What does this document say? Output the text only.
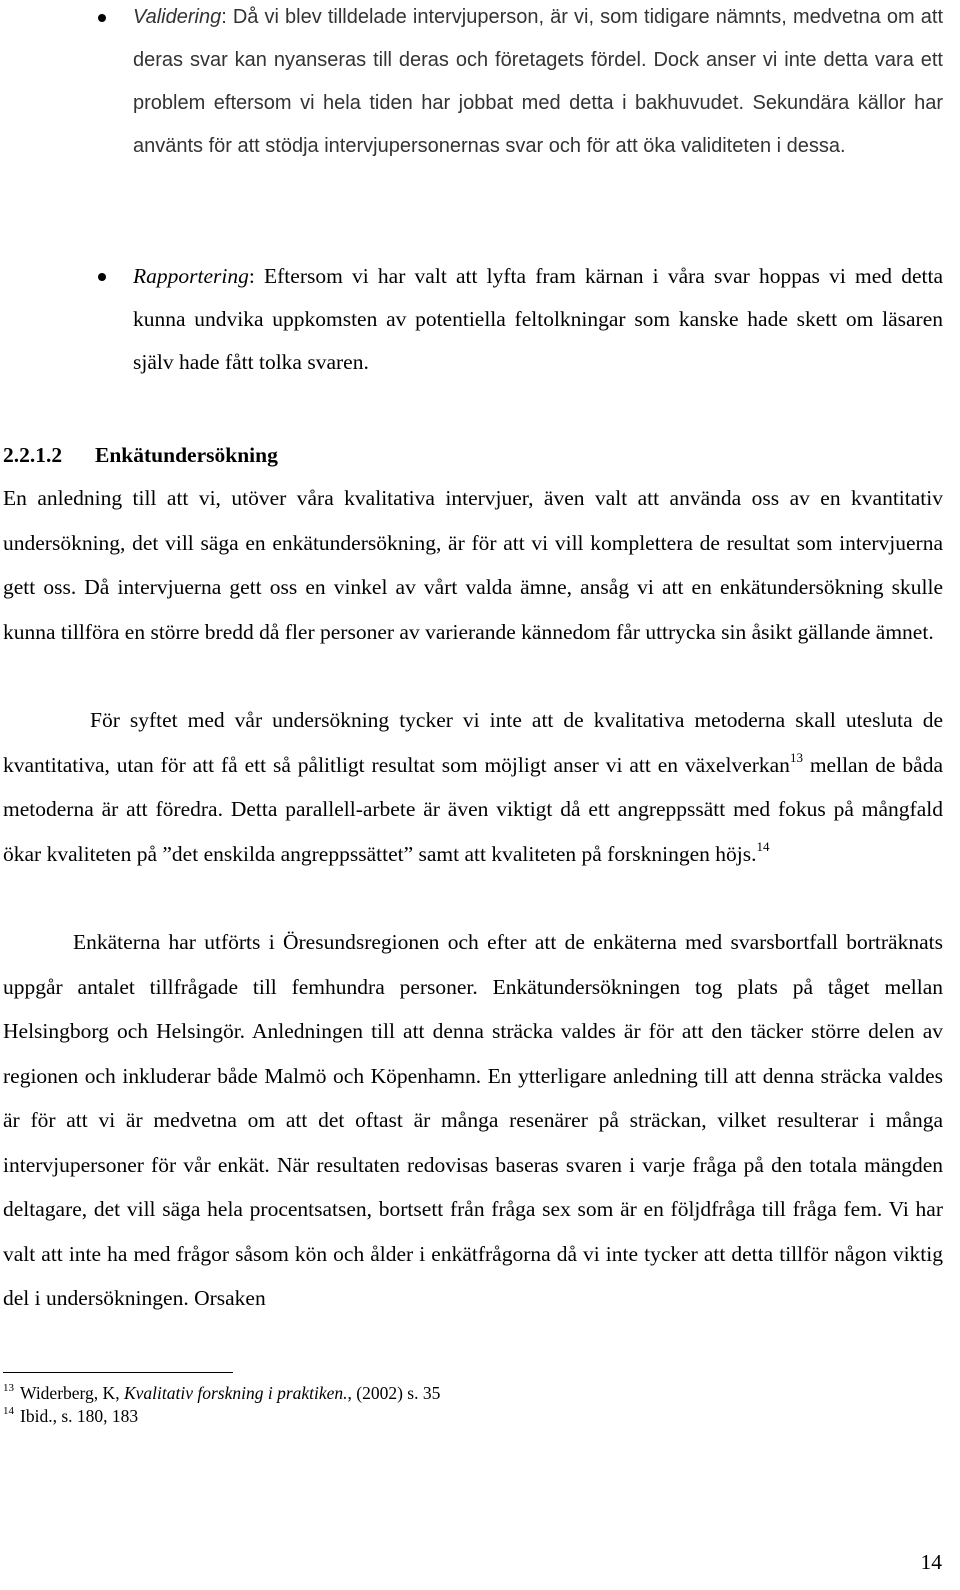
Validering: Då vi blev tilldelade intervjuperson, är vi, som tidigare nämnts, medvetna om att deras svar kan nyanseras till deras och företagets fördel. Dock anser vi inte detta vara ett problem eftersom vi hela tiden har jobbat med detta i bakhuvudet. Sekundära källor har använts för att stödja intervjupersonernas svar och för att öka validiteten i dessa.
Rapportering: Eftersom vi har valt att lyfta fram kärnan i våra svar hoppas vi med detta kunna undvika uppkomsten av potentiella feltolkningar som kanske hade skett om läsaren själv hade fått tolka svaren.
2.2.1.2 Enkätundersökning
En anledning till att vi, utöver våra kvalitativa intervjuer, även valt att använda oss av en kvantitativ undersökning, det vill säga en enkätundersökning, är för att vi vill komplettera de resultat som intervjuerna gett oss. Då intervjuerna gett oss en vinkel av vårt valda ämne, ansåg vi att en enkätundersökning skulle kunna tillföra en större bredd då fler personer av varierande kännedom får uttrycka sin åsikt gällande ämnet.
För syftet med vår undersökning tycker vi inte att de kvalitativa metoderna skall utesluta de kvantitativa, utan för att få ett så pålitligt resultat som möjligt anser vi att en växelverkan$^{13}$ mellan de båda metoderna är att föredra. Detta parallell-arbete är även viktigt då ett angreppssätt med fokus på mångfald ökar kvaliteten på ”det enskilda angreppssättet” samt att kvaliteten på forskningen höjs.$^{14}$
Enkäterna har utförts i Öresundsregionen och efter att de enkäterna med svarsbortfall borträknats uppgår antalet tillfrågade till femhundra personer. Enkätundersökningen tog plats på tåget mellan Helsingborg och Helsingör. Anledningen till att denna sträcka valdes är för att den täcker större delen av regionen och inkluderar både Malmö och Köpenhamn. En ytterligare anledning till att denna sträcka valdes är för att vi är medvetna om att det oftast är många resenärer på sträckan, vilket resulterar i många intervjupersoner för vår enkät. När resultaten redovisas baseras svaren i varje fråga på den totala mängden deltagare, det vill säga hela procentsatsen, bortsett från fråga sex som är en följdfråga till fråga fem. Vi har valt att inte ha med frågor såsom kön och ålder i enkätfrågorna då vi inte tycker att detta tillför någon viktig del i undersökningen. Orsaken
$^{13}$ Widerberg, K, Kvalitativ forskning i praktiken., (2002) s. 35
$^{14}$ Ibid., s. 180, 183
14
